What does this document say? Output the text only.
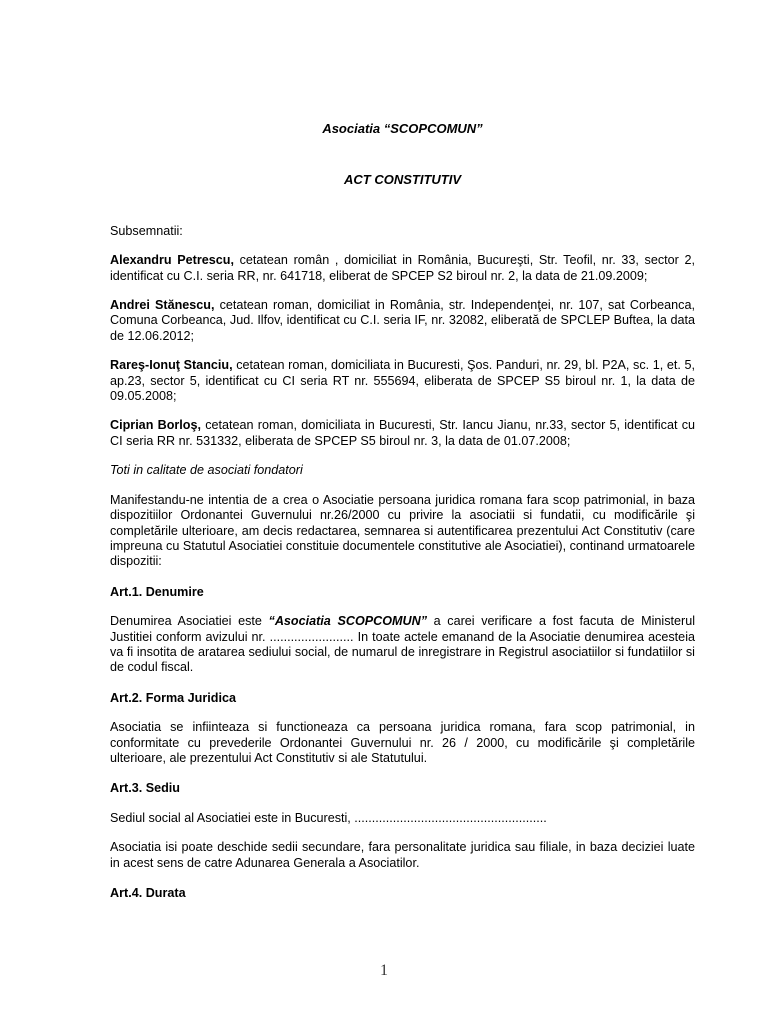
Asociatia “SCOPCOMUN”
ACT CONSTITUTIV

Subsemnatii:

Alexandru Petrescu, cetatean român , domiciliat in România, Bucureşti, Str. Teofil, nr. 33, sector 2, identificat cu C.I. seria RR, nr. 641718, eliberat de SPCEP S2 biroul nr. 2, la data de 21.09.2009;

Andrei Stănescu, cetatean roman, domiciliat in România, str. Independenţei, nr. 107, sat Corbeanca, Comuna Corbeanca, Jud. Ilfov, identificat cu C.I. seria IF, nr. 32082, eliberată de SPCLEP Buftea, la data de 12.06.2012;

Rareş-Ionuţ Stanciu, cetatean roman, domiciliata in Bucuresti, Şos. Panduri, nr. 29, bl. P2A, sc. 1, et. 5, ap.23, sector 5, identificat cu CI seria RT nr. 555694, eliberata de SPCEP S5 biroul nr. 1, la data de 09.05.2008;

Ciprian Borloş, cetatean roman, domiciliata in Bucuresti, Str. Iancu Jianu, nr.33, sector 5, identificat cu CI seria RR nr. 531332, eliberata de SPCEP S5 biroul nr. 3, la data de 01.07.2008;

Toti in calitate de asociati fondatori

Manifestandu-ne intentia de a crea o Asociatie persoana juridica romana fara scop patrimonial, in baza dispozitiilor Ordonantei Guvernului nr.26/2000 cu privire la asociatii si fundatii, cu modificările şi completările ulterioare, am decis redactarea, semnarea si autentificarea prezentului Act Constitutiv (care impreuna cu Statutul Asociatiei constituie documentele constitutive ale Asociatiei), continand urmatoarele dispozitii:

Art.1. Denumire

Denumirea Asociatiei este “Asociatia SCOPCOMUN” a carei verificare a fost facuta de Ministerul Justitiei conform avizului nr. ........................ In toate actele emanand de la Asociatie denumirea acesteia va fi insotita de aratarea sediului social, de numarul de inregistrare in Registrul asociatiilor si fundatiilor si de codul fiscal.

Art.2. Forma Juridica

Asociatia se infiinteaza si functioneaza ca persoana juridica romana, fara scop patrimonial, in conformitate cu prevederile Ordonantei Guvernului nr. 26 / 2000, cu modificările şi completările ulterioare, ale prezentului Act Constitutiv si ale Statutului.

Art.3. Sediu

Sediul social al Asociatiei este in Bucuresti, .......................................................

Asociatia isi poate deschide sedii secundare, fara personalitate juridica sau filiale, in baza deciziei luate in acest sens de catre Adunarea Generala a Asociatilor.

Art.4. Durata

1
